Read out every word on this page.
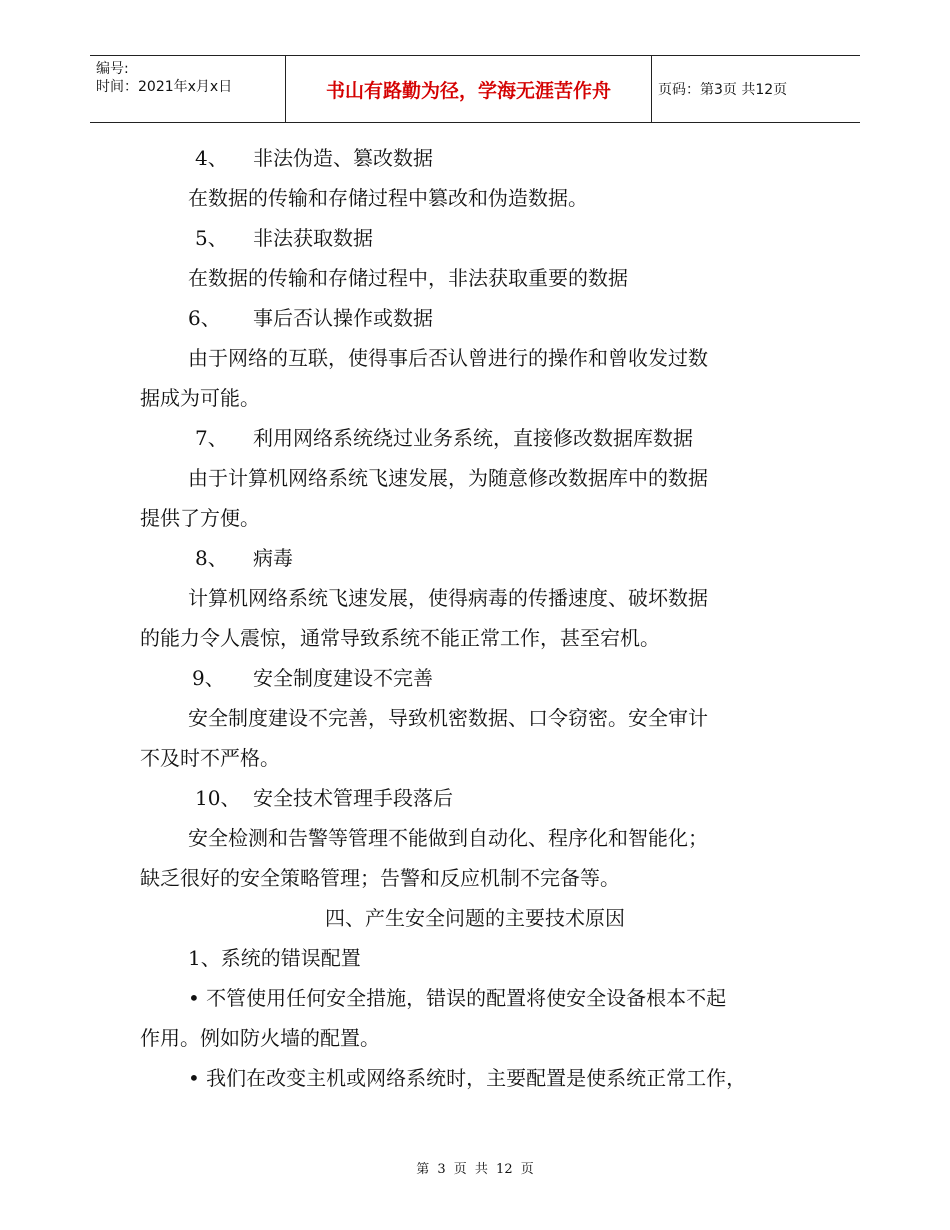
编号:
时间：2021年x月x日	书山有路勤为径，学海无涯苦作舟	页码：第3页 共12页
4、 非法伪造、篡改数据
在数据的传输和存储过程中篡改和伪造数据。
5、 非法获取数据
在数据的传输和存储过程中，非法获取重要的数据
6、 事后否认操作或数据
由于网络的互联，使得事后否认曾进行的操作和曾收发过数
据成为可能。
7、 利用网络系统绕过业务系统，直接修改数据库数据
由于计算机网络系统飞速发展，为随意修改数据库中的数据
提供了方便。
8、 病毒
计算机网络系统飞速发展，使得病毒的传播速度、破坏数据
的能力令人震惊，通常导致系统不能正常工作，甚至宕机。
9、 安全制度建设不完善
安全制度建设不完善，导致机密数据、口令窃密。安全审计
不及时不严格。
10、 安全技术管理手段落后
安全检测和告警等管理不能做到自动化、程序化和智能化；
缺乏很好的安全策略管理；告警和反应机制不完备等。
四、产生安全问题的主要技术原因
1、系统的错误配置
• 不管使用任何安全措施，错误的配置将使安全设备根本不起
作用。例如防火墙的配置。
• 我们在改变主机或网络系统时，主要配置是使系统正常工作，
第 3 页 共 12 页
